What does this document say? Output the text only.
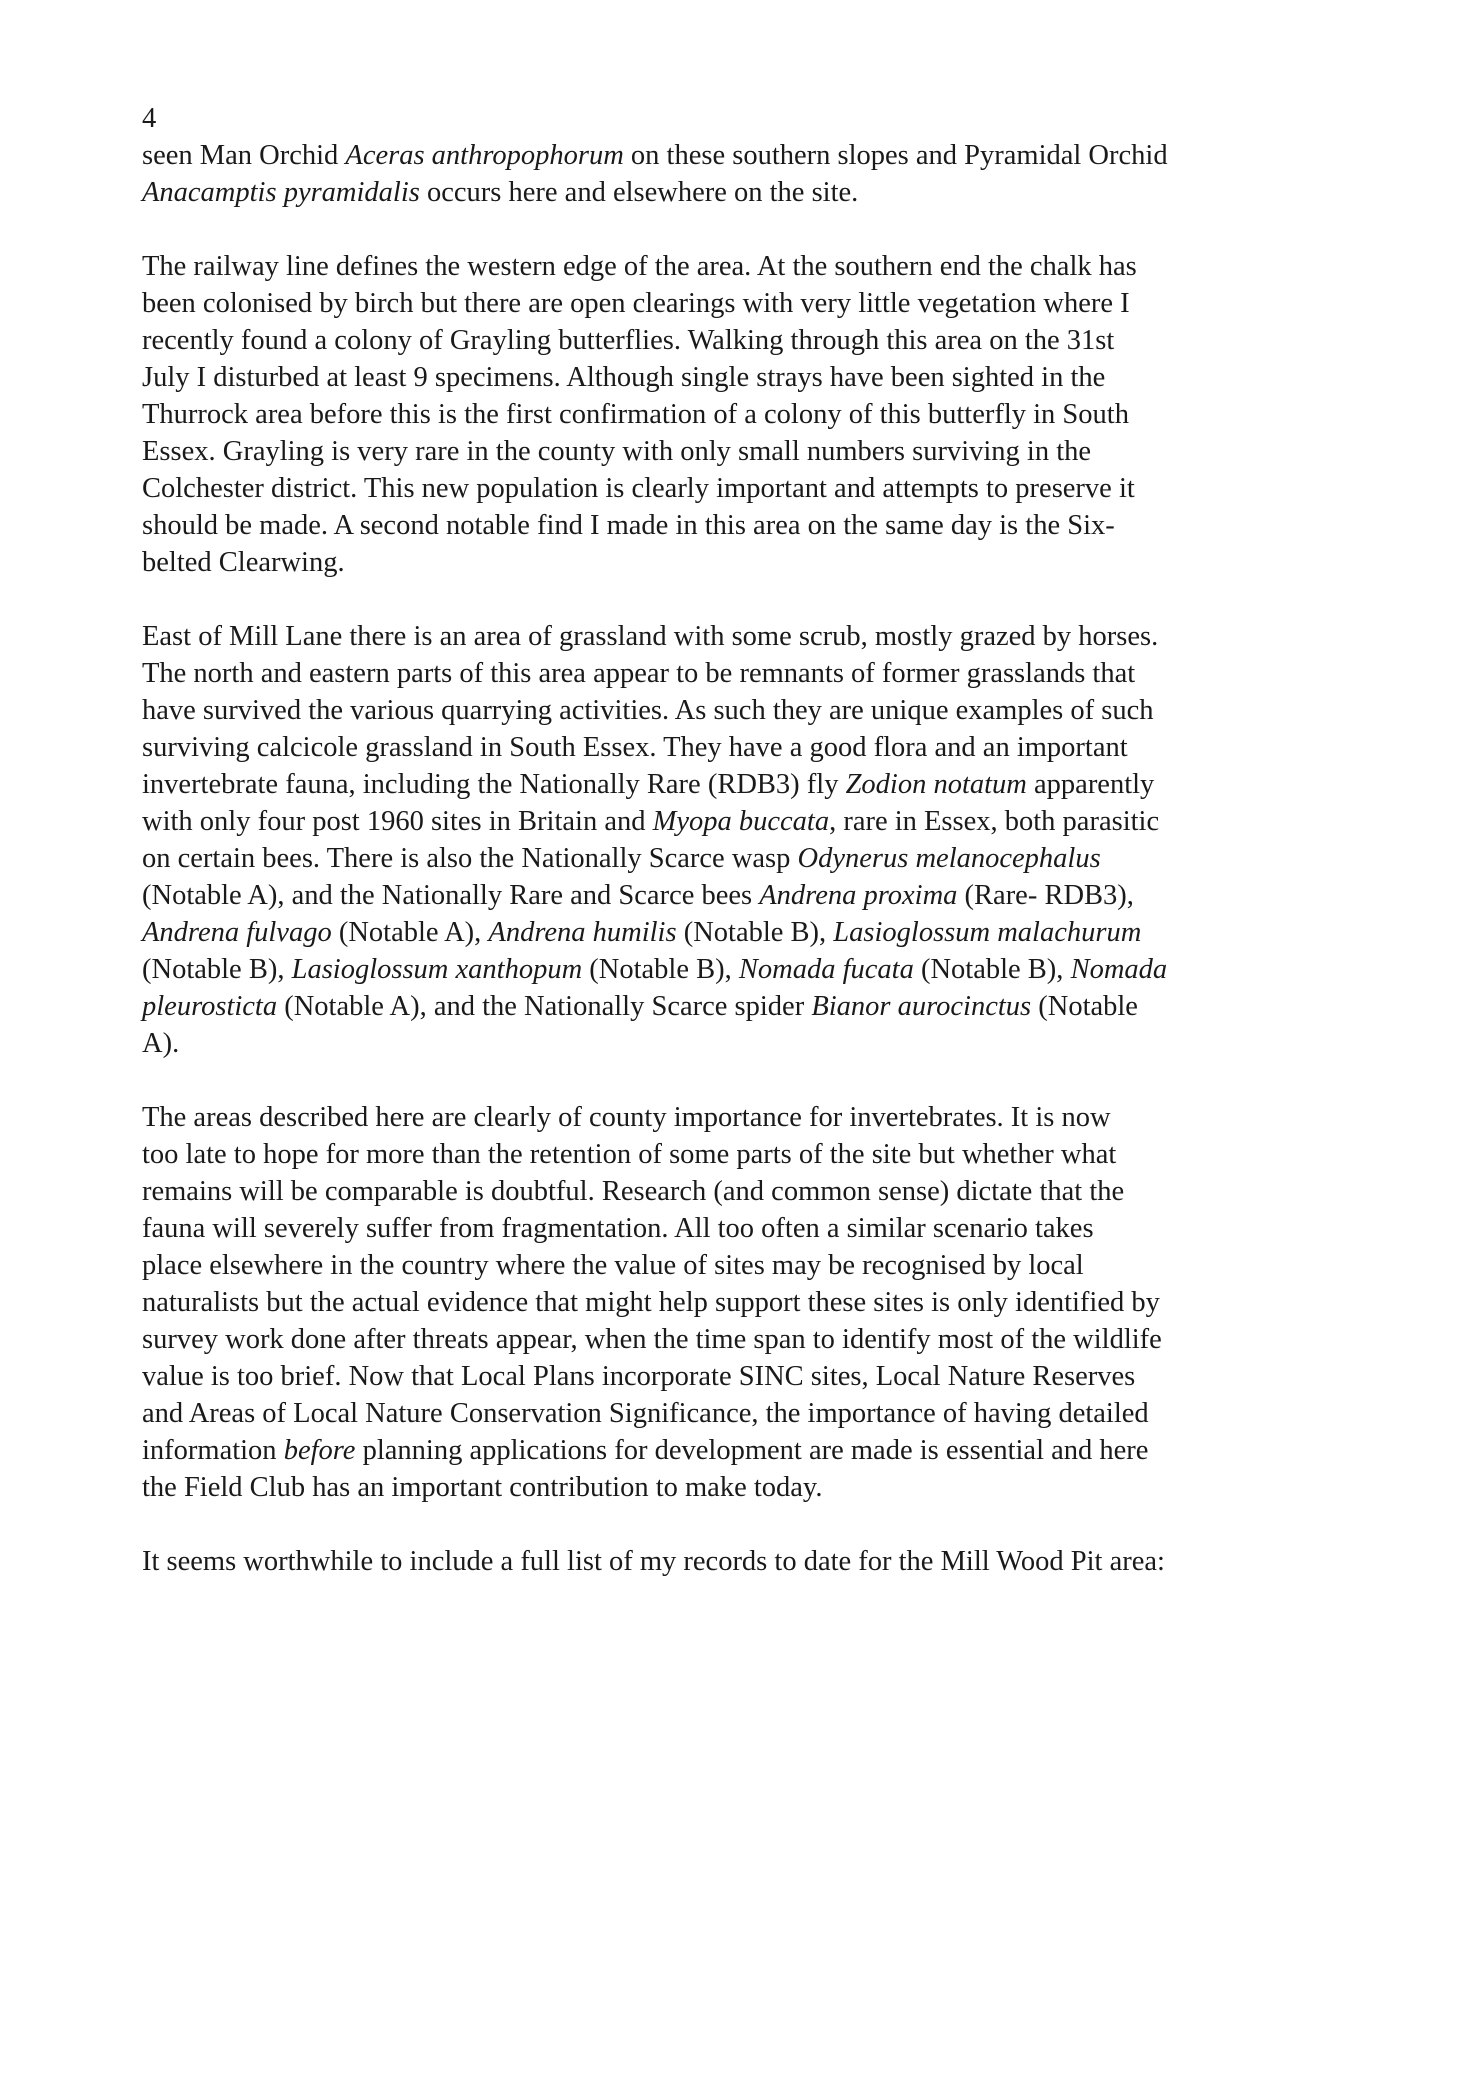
4

seen Man Orchid Aceras anthropophorum on these southern slopes and Pyramidal Orchid
Anacamptis pyramidalis occurs here and elsewhere on the site.

The railway line defines the western edge of the area. At the southern end the chalk has
been colonised by birch but there are open clearings with very little vegetation where I
recently found a colony of Grayling butterflies. Walking through this area on the 31st
July I disturbed at least 9 specimens. Although single strays have been sighted in the
Thurrock area before this is the first confirmation of a colony of this butterfly in South
Essex. Grayling is very rare in the county with only small numbers surviving in the
Colchester district. This new population is clearly important and attempts to preserve it
should be made. A second notable find I made in this area on the same day is the Six-
belted Clearwing.

East of Mill Lane there is an area of grassland with some scrub, mostly grazed by horses.
The north and eastern parts of this area appear to be remnants of former grasslands that
have survived the various quarrying activities. As such they are unique examples of such
surviving calcicole grassland in South Essex. They have a good flora and an important
invertebrate fauna, including the Nationally Rare (RDB3) fly Zodion notatum apparently
with only four post 1960 sites in Britain and Myopa buccata, rare in Essex, both parasitic
on certain bees. There is also the Nationally Scarce wasp Odynerus melanocephalus
(Notable A), and the Nationally Rare and Scarce bees Andrena proxima (Rare- RDB3),
Andrena fulvago (Notable A), Andrena humilis (Notable B), Lasioglossum malachurum
(Notable B), Lasioglossum xanthopum (Notable B), Nomada fucata (Notable B), Nomada
pleurosticta (Notable A), and the Nationally Scarce spider Bianor aurocinctus (Notable
A).

The areas described here are clearly of county importance for invertebrates. It is now
too late to hope for more than the retention of some parts of the site but whether what
remains will be comparable is doubtful. Research (and common sense) dictate that the
fauna will severely suffer from fragmentation. All too often a similar scenario takes
place elsewhere in the country where the value of sites may be recognised by local
naturalists but the actual evidence that might help support these sites is only identified by
survey work done after threats appear, when the time span to identify most of the wildlife
value is too brief. Now that Local Plans incorporate SINC sites, Local Nature Reserves
and Areas of Local Nature Conservation Significance, the importance of having detailed
information before planning applications for development are made is essential and here
the Field Club has an important contribution to make today.

It seems worthwhile to include a full list of my records to date for the Mill Wood Pit area:
